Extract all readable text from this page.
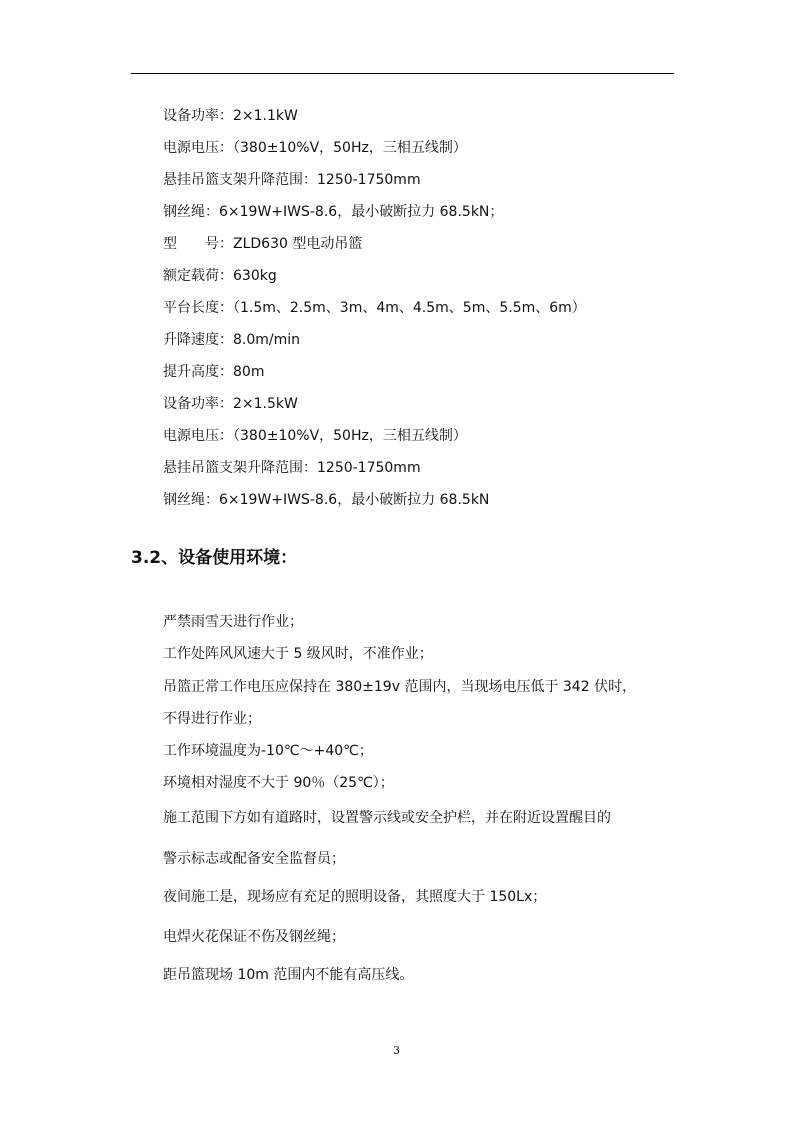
设备功率：2×1.1kW
电源电压：（380±10%V，50Hz，三相五线制）
悬挂吊篮支架升降范围：1250-1750mm
钢丝绳：6×19W+IWS-8.6，最小破断拉力 68.5kN；
型　　号：ZLD630 型电动吊篮
额定载荷：630kg
平台长度：（1.5m、2.5m、3m、4m、4.5m、5m、5.5m、6m）
升降速度：8.0m/min
提升高度：80m
设备功率：2×1.5kW
电源电压：（380±10%V，50Hz，三相五线制）
悬挂吊篮支架升降范围：1250-1750mm
钢丝绳：6×19W+IWS-8.6，最小破断拉力 68.5kN
3.2、设备使用环境：
严禁雨雪天进行作业；
工作处阵风风速大于 5 级风时，不准作业；
吊篮正常工作电压应保持在 380±19v 范围内，当现场电压低于 342 伏时，
不得进行作业；
工作环境温度为-10℃～+40℃；
环境相对湿度不大于 90％（25℃）；
施工范围下方如有道路时，设置警示线或安全护栏，并在附近设置醒目的
警示标志或配备安全监督员；
夜间施工是，现场应有充足的照明设备，其照度大于 150Lx；
电焊火花保证不伤及钢丝绳；
距吊篮现场 10m 范围内不能有高压线。
3
